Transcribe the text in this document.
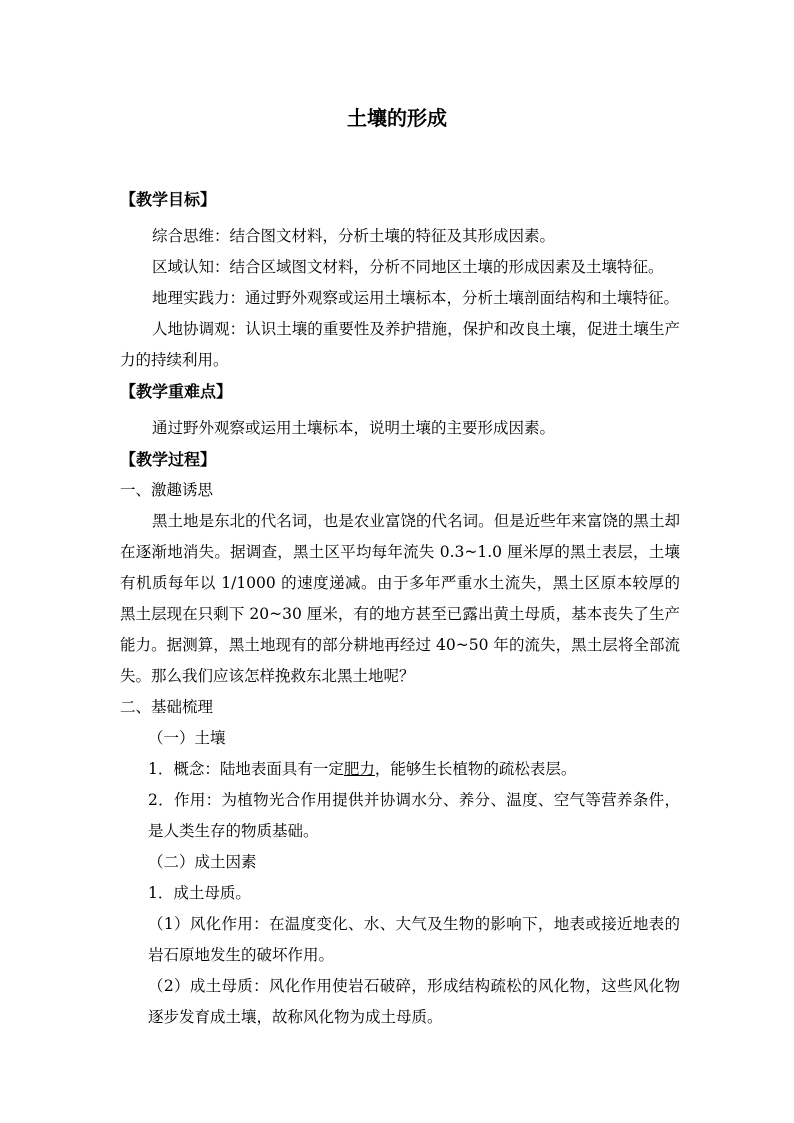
土壤的形成

【教学目标】

综合思维：结合图文材料，分析土壤的特征及其形成因素。

区域认知：结合区域图文材料，分析不同地区土壤的形成因素及土壤特征。

地理实践力：通过野外观察或运用土壤标本，分析土壤剖面结构和土壤特征。

人地协调观：认识土壤的重要性及养护措施，保护和改良土壤，促进土壤生产力的持续利用。

【教学重难点】

通过野外观察或运用土壤标本，说明土壤的主要形成因素。

【教学过程】

一、激趣诱思

黑土地是东北的代名词，也是农业富饶的代名词。但是近些年来富饶的黑土却在逐渐地消失。据调查，黑土区平均每年流失 0.3~1.0 厘米厚的黑土表层，土壤有机质每年以 1/1000 的速度递减。由于多年严重水土流失，黑土区原本较厚的黑土层现在只剩下 20~30 厘米，有的地方甚至已露出黄土母质，基本丧失了生产能力。据测算，黑土地现有的部分耕地再经过 40~50 年的流失，黑土层将全部流失。那么我们应该怎样挽救东北黑土地呢？

二、基础梳理

（一）土壤

1．概念：陆地表面具有一定肥力，能够生长植物的疏松表层。

2．作用：为植物光合作用提供并协调水分、养分、温度、空气等营养条件，是人类生存的物质基础。

（二）成土因素

1．成土母质。

（1）风化作用：在温度变化、水、大气及生物的影响下，地表或接近地表的岩石原地发生的破坏作用。

（2）成土母质：风化作用使岩石破碎，形成结构疏松的风化物，这些风化物逐步发育成土壤，故称风化物为成土母质。
